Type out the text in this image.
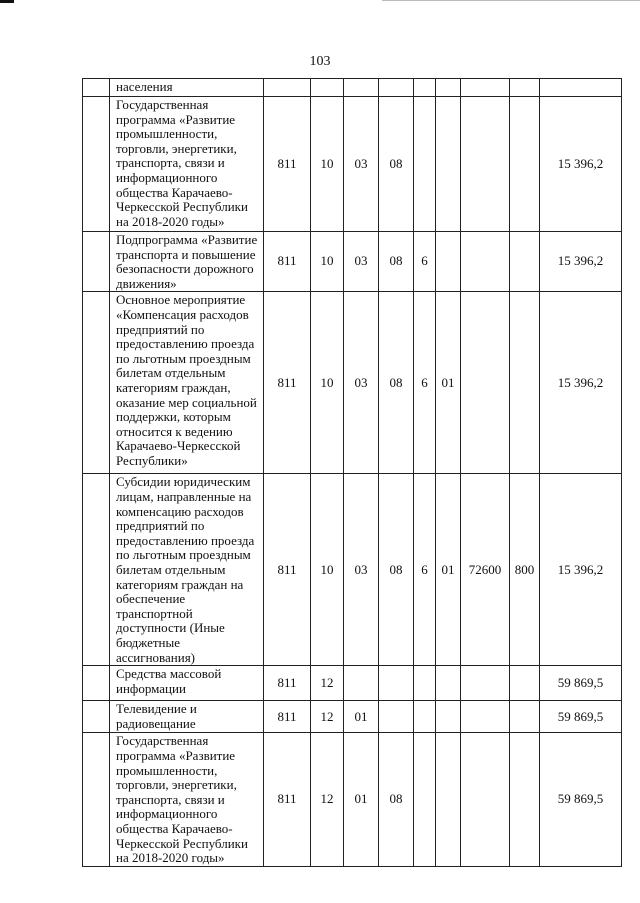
103
	населения									
	Государственная программа «Развитие промышленности, торговли, энергетики, транспорта, связи и информационного общества Карачаево-Черкесской Республики на 2018-2020 годы»	811	10	03	08					15 396,2
	Подпрограмма «Развитие транспорта и повышение безопасности дорожного движения»	811	10	03	08	6				15 396,2
	Основное мероприятие «Компенсация расходов предприятий по предоставлению проезда по льготным проездным билетам отдельным категориям граждан, оказание мер социальной поддержки, которым относится к ведению Карачаево-Черкесской Республики»	811	10	03	08	6	01			15 396,2
	Субсидии юридическим лицам, направленные на компенсацию расходов предприятий по предоставлению проезда по льготным проездным билетам отдельным категориям граждан на обеспечение транспортной доступности (Иные бюджетные ассигнования)	811	10	03	08	6	01	72600	800	15 396,2
	Средства массовой информации	811	12							59 869,5
	Телевидение и радиовещание	811	12	01						59 869,5
	Государственная программа «Развитие промышленности, торговли, энергетики, транспорта, связи и информационного общества Карачаево-Черкесской Республики на 2018-2020 годы»	811	12	01	08					59 869,5
